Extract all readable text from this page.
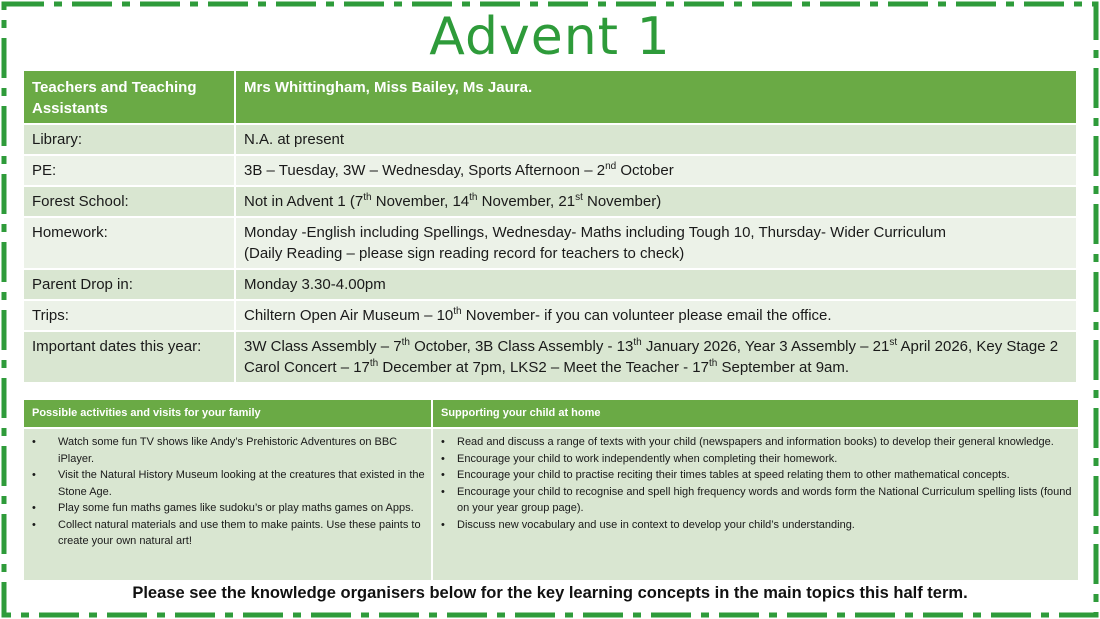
Advent 1
Teachers and Teaching Assistants	Mrs Whittingham, Miss Bailey, Ms Jaura.
Library:	N.A. at present
PE:	3B – Tuesday, 3W – Wednesday, Sports Afternoon – 2nd October
Forest School:	Not in Advent 1 (7th November, 14th November, 21st November)
Homework:	Monday -English including Spellings, Wednesday- Maths including Tough 10, Thursday- Wider Curriculum
(Daily Reading – please sign reading record for teachers to check)

Parent Drop in:	Monday 3.30-4.00pm
Trips:	Chiltern Open Air Museum – 10th November- if you can volunteer please email the office.
Important dates this year:	3W Class Assembly – 7th October, 3B Class Assembly - 13th January 2026, Year 3 Assembly – 21st April 2026, Key Stage 2 Carol Concert – 17th December at 7pm, LKS2 – Meet the Teacher - 17th September at 9am.
Possible activities and visits for your family
• Watch some fun TV shows like Andy’s Prehistoric Adventures on BBC iPlayer.
• Visit the Natural History Museum looking at the creatures that existed in the Stone Age.
• Play some fun maths games like sudoku’s or play maths games on Apps.
• Collect natural materials and use them to make paints. Use these paints to create your own natural art!
Supporting your child at home
• Read and discuss a range of texts with your child (newspapers and information books) to develop their general knowledge.
• Encourage your child to work independently when completing their homework.
• Encourage your child to practise reciting their times tables at speed relating them to other mathematical concepts.
• Encourage your child to recognise and spell high frequency words and words form the National Curriculum spelling lists (found on your year group page).
• Discuss new vocabulary and use in context to develop your child’s understanding.
Please see the knowledge organisers below for the key learning concepts in the main topics this half term.
